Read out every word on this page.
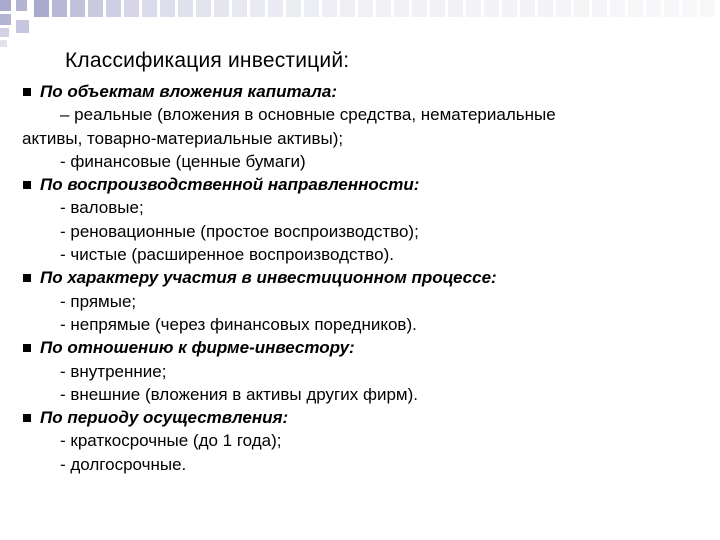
Классификация инвестиций:
По объектам вложения капитала:
– реальные (вложения в основные средства, нематериальные
активы, товарно-материальные активы);
- финансовые (ценные бумаги)
По воспроизводственной направленности:
- валовые;
- реновационные (простое воспроизводство);
- чистые (расширенное воспроизводство).
По характеру участия в инвестиционном процессе:
- прямые;
- непрямые (через финансовых поредников).
По отношению к фирме-инвестору:
- внутренние;
- внешние (вложения в активы других фирм).
По периоду осуществления:
- краткосрочные (до 1 года);
- долгосрочные.
